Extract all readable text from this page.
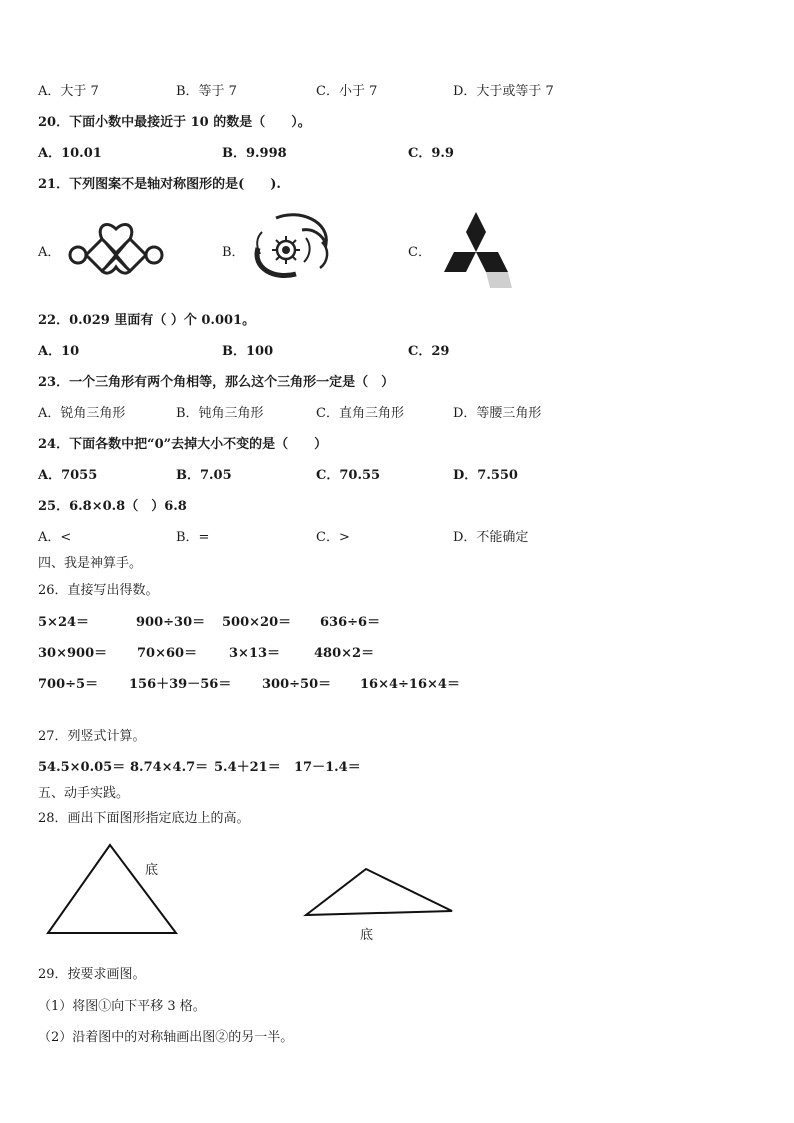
A．大于 7	B．等于 7	C．小于 7	D．大于或等于 7
20．下面小数中最接近于 10 的数是（　　）。
A．10.01	B．9.998	C．9.9
21．下列图案不是轴对称图形的是(　　).
A．	B．	C．
22．0.029 里面有（ ）个 0.001。
A．10	B．100	C．29
23．一个三角形有两个角相等，那么这个三角形一定是（　）
A．锐角三角形	B．钝角三角形	C．直角三角形	D．等腰三角形
24．下面各数中把“0”去掉大小不变的是（　　）
A．7055	B．7.05	C．70.55	D．7.550
25．6.8×0.8（　）6.8
A．<	B．=	C．>	D．不能确定
四、我是神算手。
26．直接写出得数。
5×24＝	900÷30＝ 500×20＝ 636÷6＝
30×900＝ 70×60＝ 3×13＝	480×2＝
700÷5＝ 156＋39－56＝ 300÷50＝ 16×4÷16×4＝
27．列竖式计算。
54.5×0.05＝ 8.74×4.7＝ 5.4＋21＝ 17－1.4＝
五、动手实践。
28．画出下面图形指定底边上的高。
底
底
29．按要求画图。
（1）将图①向下平移 3 格。
（2）沿着图中的对称轴画出图②的另一半。
